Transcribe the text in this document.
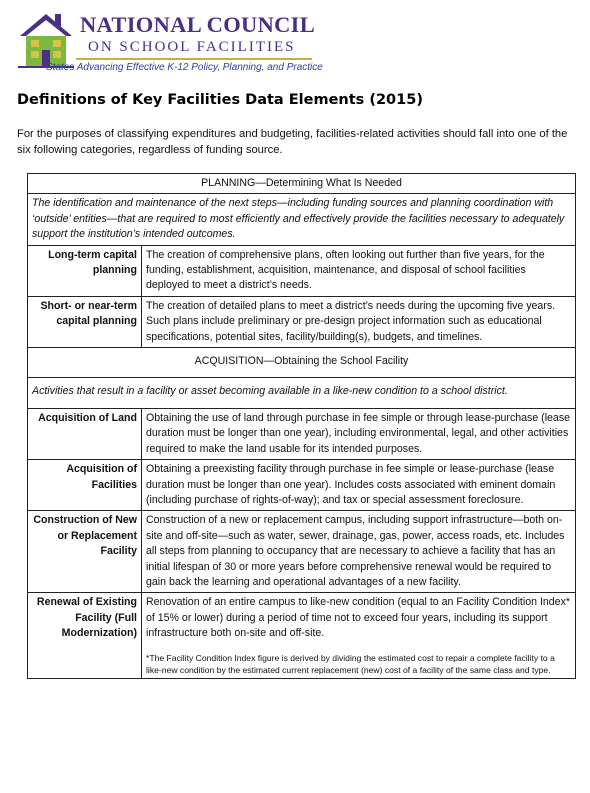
NATIONAL COUNCIL
ON SCHOOL FACILITIES
States Advancing Effective K-12 Policy, Planning, and Practice
Definitions of Key Facilities Data Elements (2015)
For the purposes of classifying expenditures and budgeting, facilities-related activities should fall into one of the six following categories, regardless of funding source.
PLANNING—Determining What Is Needed	
The identification and maintenance of the next steps—including funding sources and planning coordination with ‘outside’ entities—that are required to most efficiently and effectively provide the facilities necessary to adequately support the institution’s intended outcomes.	
Long-term capital planning	The creation of comprehensive plans, often looking out further than five years, for the funding, establishment, acquisition, maintenance, and disposal of school facilities deployed to meet a district’s needs.
Short- or near-term capital planning	The creation of detailed plans to meet a district’s needs during the upcoming five years. Such plans include preliminary or pre-design project information such as educational specifications, potential sites, facility/building(s), budgets, and timelines.
ACQUISITION—Obtaining the School Facility	
Activities that result in a facility or asset becoming available in a like-new condition to a school district.	
Acquisition of Land	Obtaining the use of land through purchase in fee simple or through lease-purchase (lease duration must be longer than one year), including environmental, legal, and other activities required to make the land usable for its intended purposes.
Acquisition of Facilities	Obtaining a preexisting facility through purchase in fee simple or lease-purchase (lease duration must be longer than one year). Includes costs associated with eminent domain (including purchase of rights-of-way); and tax or special assessment foreclosure.
Construction of New or Replacement Facility	Construction of a new or replacement campus, including support infrastructure—both on-site and off-site—such as water, sewer, drainage, gas, power, access roads, etc. Includes all steps from planning to occupancy that are necessary to achieve a facility that has an initial lifespan of 30 or more years before comprehensive renewal would be required to gain back the learning and operational advantages of a new facility.
Renewal of Existing Facility (Full Modernization)	Renovation of an entire campus to like-new condition (equal to an Facility Condition Index* of 15% or lower) during a period of time not to exceed four years, including its support infrastructure both on-site and off-site.
*The Facility Condition Index figure is derived by dividing the estimated cost to repair a complete facility to a like-new condition by the estimated current replacement (new) cost of a facility of the same class and type.
